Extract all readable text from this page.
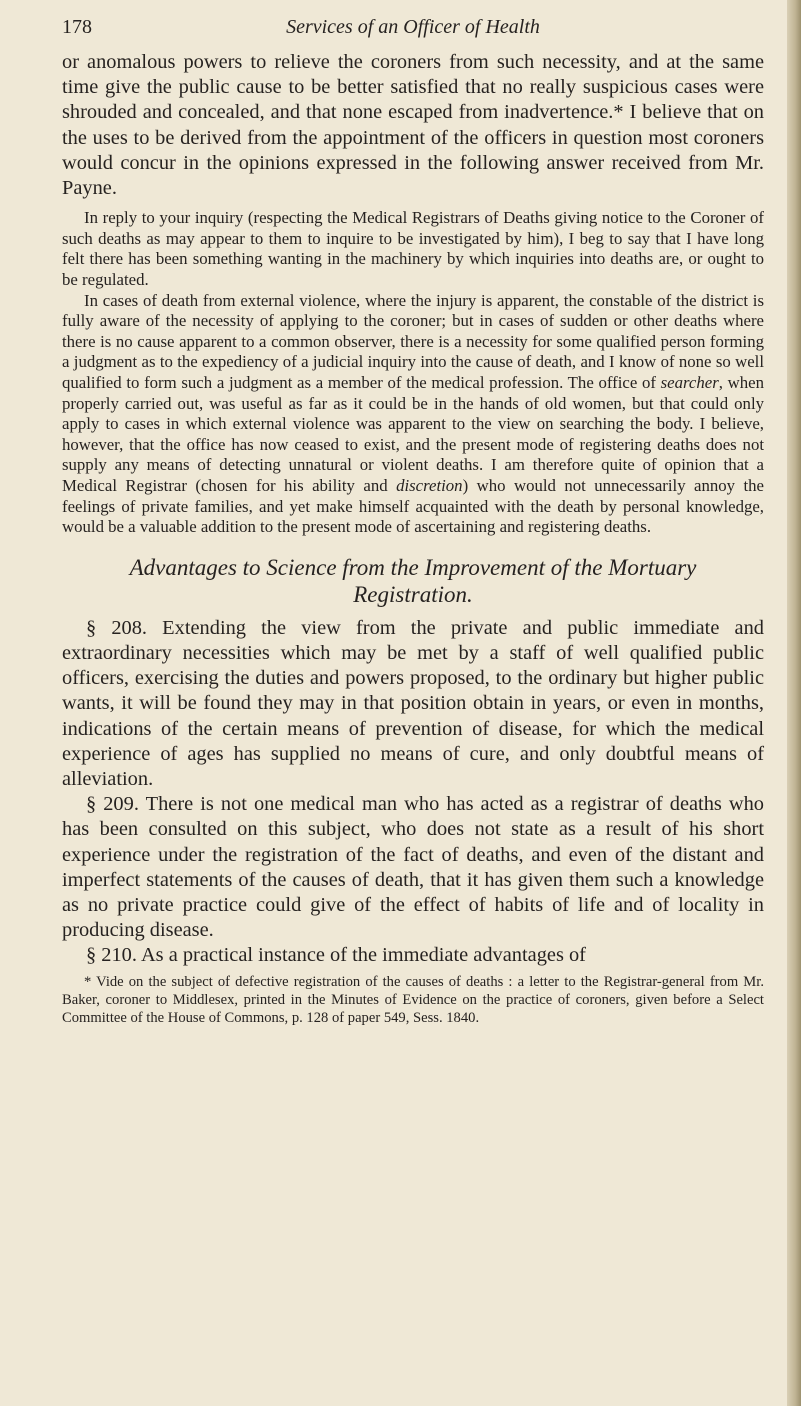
178	Services of an Officer of Health

or anomalous powers to relieve the coroners from such necessity, and at the same time give the public cause to be better satisfied that no really suspicious cases were shrouded and concealed, and that none escaped from inadvertence.* I believe that on the uses to be derived from the appointment of the officers in question most coroners would concur in the opinions expressed in the following answer received from Mr. Payne.

In reply to your inquiry (respecting the Medical Registrars of Deaths giving notice to the Coroner of such deaths as may appear to them to inquire to be investigated by him), I beg to say that I have long felt there has been something wanting in the machinery by which inquiries into deaths are, or ought to be regulated.

In cases of death from external violence, where the injury is apparent, the constable of the district is fully aware of the necessity of applying to the coroner; but in cases of sudden or other deaths where there is no cause apparent to a common observer, there is a necessity for some qualified person forming a judgment as to the expediency of a judicial inquiry into the cause of death, and I know of none so well qualified to form such a judgment as a member of the medical profession. The office of searcher, when properly carried out, was useful as far as it could be in the hands of old women, but that could only apply to cases in which external violence was apparent to the view on searching the body. I believe, however, that the office has now ceased to exist, and the present mode of registering deaths does not supply any means of detecting unnatural or violent deaths. I am therefore quite of opinion that a Medical Registrar (chosen for his ability and discretion) who would not unnecessarily annoy the feelings of private families, and yet make himself acquainted with the death by personal knowledge, would be a valuable addition to the present mode of ascertaining and registering deaths.

Advantages to Science from the Improvement of the Mortuary
Registration.

§ 208. Extending the view from the private and public immediate and extraordinary necessities which may be met by a staff of well qualified public officers, exercising the duties and powers proposed, to the ordinary but higher public wants, it will be found they may in that position obtain in years, or even in months, indications of the certain means of prevention of disease, for which the medical experience of ages has supplied no means of cure, and only doubtful means of alleviation.

§ 209. There is not one medical man who has acted as a registrar of deaths who has been consulted on this subject, who does not state as a result of his short experience under the registration of the fact of deaths, and even of the distant and imperfect statements of the causes of death, that it has given them such a knowledge as no private practice could give of the effect of habits of life and of locality in producing disease.

§ 210. As a practical instance of the immediate advantages of

* Vide on the subject of defective registration of the causes of deaths : a letter to the Registrar-general from Mr. Baker, coroner to Middlesex, printed in the Minutes of Evidence on the practice of coroners, given before a Select Committee of the House of Commons, p. 128 of paper 549, Sess. 1840.
